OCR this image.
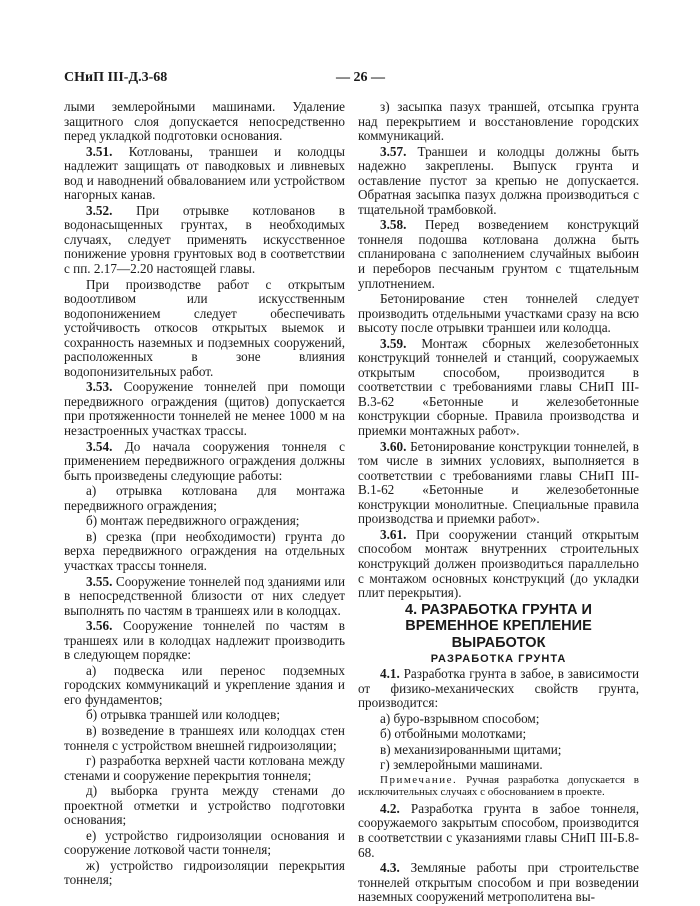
СНиП III-Д.3-68	— 26 —

лыми землеройными машинами. Удаление защитного слоя допускается непосредственно перед укладкой подготовки основания.

3.51. Котлованы, траншеи и колодцы надлежит защищать от паводковых и ливневых вод и наводнений обвалованием или устройством нагорных канав.

3.52. При отрывке котлованов в водонасыщенных грунтах, в необходимых случаях, следует применять искусственное понижение уровня грунтовых вод в соответствии с пп. 2.17—2.20 настоящей главы.

При производстве работ с открытым водоотливом или искусственным водопонижением следует обеспечивать устойчивость откосов открытых выемок и сохранность наземных и подземных сооружений, расположенных в зоне влияния водопонизительных работ.

3.53. Сооружение тоннелей при помощи передвижного ограждения (щитов) допускается при протяженности тоннелей не менее 1000 м на незастроенных участках трассы.

3.54. До начала сооружения тоннеля с применением передвижного ограждения должны быть произведены следующие работы:

а) отрывка котлована для монтажа передвижного ограждения;

б) монтаж передвижного ограждения;

в) срезка (при необходимости) грунта до верха передвижного ограждения на отдельных участках трассы тоннеля.

3.55. Сооружение тоннелей под зданиями или в непосредственной близости от них следует выполнять по частям в траншеях или в колодцах.

3.56. Сооружение тоннелей по частям в траншеях или в колодцах надлежит производить в следующем порядке:

а) подвеска или перенос подземных городских коммуникаций и укрепление здания и его фундаментов;

б) отрывка траншей или колодцев;

в) возведение в траншеях или колодцах стен тоннеля с устройством внешней гидроизоляции;

г) разработка верхней части котлована между стенами и сооружение перекрытия тоннеля;

д) выборка грунта между стенами до проектной отметки и устройство подготовки основания;

е) устройство гидроизоляции основания и сооружение лотковой части тоннеля;

ж) устройство гидроизоляции перекрытия тоннеля;

з) засыпка пазух траншей, отсыпка грунта над перекрытием и восстановление городских коммуникаций.

3.57. Траншеи и колодцы должны быть надежно закреплены. Выпуск грунта и оставление пустот за крепью не допускается. Обратная засыпка пазух должна производиться с тщательной трамбовкой.

3.58. Перед возведением конструкций тоннеля подошва котлована должна быть спланирована с заполнением случайных выбоин и переборов песчаным грунтом с тщательным уплотнением.

Бетонирование стен тоннелей следует производить отдельными участками сразу на всю высоту после отрывки траншеи или колодца.

3.59. Монтаж сборных железобетонных конструкций тоннелей и станций, сооружаемых открытым способом, производится в соответствии с требованиями главы СНиП III-В.3-62 «Бетонные и железобетонные конструкции сборные. Правила производства и приемки монтажных работ».

3.60. Бетонирование конструкции тоннелей, в том числе в зимних условиях, выполняется в соответствии с требованиями главы СНиП III-В.1-62 «Бетонные и железобетонные конструкции монолитные. Специальные правила производства и приемки работ».

3.61. При сооружении станций открытым способом монтаж внутренних строительных конструкций должен производиться параллельно с монтажом основных конструкций (до укладки плит перекрытия).

4. РАЗРАБОТКА ГРУНТА И ВРЕМЕННОЕ КРЕПЛЕНИЕ ВЫРАБОТОК

РАЗРАБОТКА ГРУНТА

4.1. Разработка грунта в забое, в зависимости от физико-механических свойств грунта, производится:

а) буро-взрывном способом;

б) отбойными молотками;

в) механизированными щитами;

г) землеройными машинами.

Примечание. Ручная разработка допускается в исключительных случаях с обоснованием в проекте.

4.2. Разработка грунта в забое тоннеля, сооружаемого закрытым способом, производится в соответствии с указаниями главы СНиП III-Б.8-68.

4.3. Земляные работы при строительстве тоннелей открытым способом и при возведении наземных сооружений метрополитена вы-
